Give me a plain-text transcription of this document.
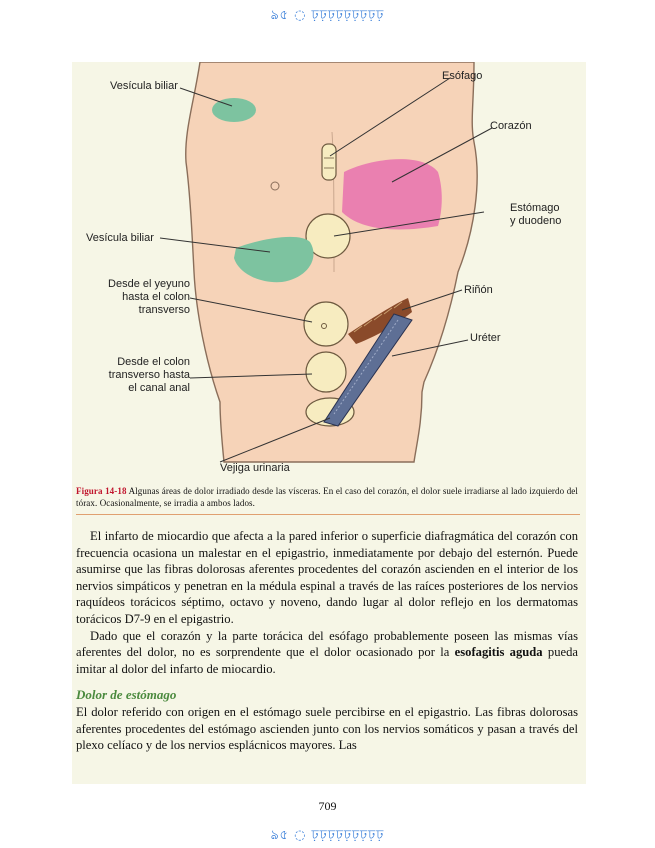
ঌ৫ ◌ ঢ়ঢ়ঢ়ঢ়ঢ়ঢ়ঢ়ঢ়ঢ়
Vesícula biliar
Esófago
Corazón
Estómago
y duodeno
Vesícula biliar
Desde el yeyuno
hasta el colon
transverso
Riñón
Desde el colon
transverso hasta
el canal anal
Uréter
Vejiga urinaria
Figura 14-18 Algunas áreas de dolor irradiado desde las vísceras. En el caso del corazón, el dolor suele irradiarse al lado izquierdo del tórax. Ocasionalmente, se irradia a ambos lados.

El infarto de miocardio que afecta a la pared inferior o superficie diafragmática del corazón con frecuencia ocasiona un malestar en el epigastrio, inmediatamente por debajo del esternón. Puede asumirse que las fibras dolorosas aferentes procedentes del corazón ascienden en el interior de los nervios simpáticos y penetran en la médula espinal a través de las raíces posteriores de los nervios raquídeos torácicos séptimo, octavo y noveno, dando lugar al dolor reflejo en los dermatomas torácicos D7-9 en el epigastrio.

Dado que el corazón y la parte torácica del esófago probablemente poseen las mismas vías aferentes del dolor, no es sorprendente que el dolor ocasionado por la esofagitis aguda pueda imitar al dolor del infarto de miocardio.

Dolor de estómago

El dolor referido con origen en el estómago suele percibirse en el epigastrio. Las fibras dolorosas aferentes procedentes del estómago ascienden junto con los nervios somáticos y pasan a través del plexo celíaco y de los nervios esplácnicos mayores. Las

709
ঌ৫ ◌ ঢ়ঢ়ঢ়ঢ়ঢ়ঢ়ঢ়ঢ়ঢ়
